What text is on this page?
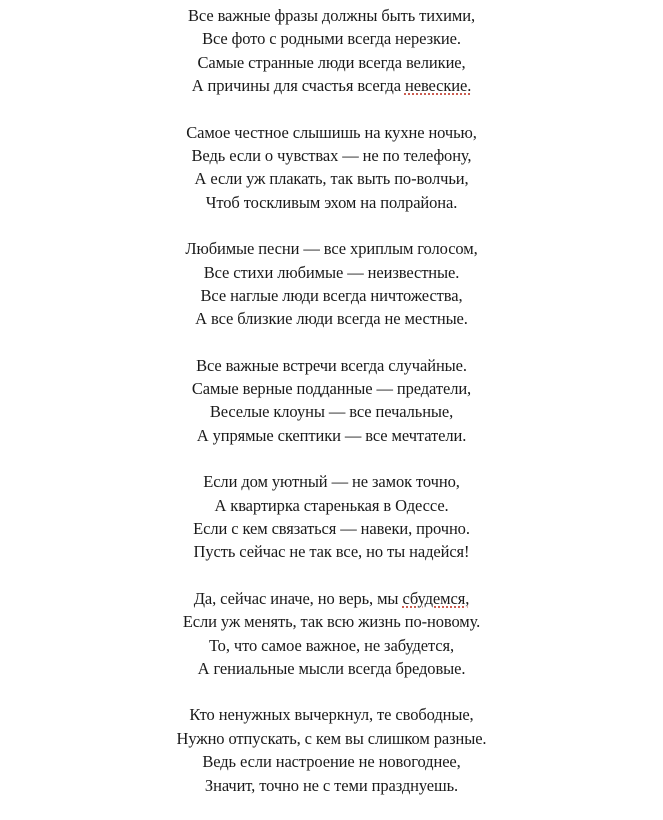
Все важные фразы должны быть тихими,
Все фото с родными всегда нерезкие.
Самые странные люди всегда великие,
А причины для счастья всегда невеские.
Самое честное слышишь на кухне ночью,
Ведь если о чувствах — не по телефону,
А если уж плакать, так выть по-волчьи,
Чтоб тоскливым эхом на полрайона.
Любимые песни — все хриплым голосом,
Все стихи любимые — неизвестные.
Все наглые люди всегда ничтожества,
А все близкие люди всегда не местные.
Все важные встречи всегда случайные.
Самые верные подданные — предатели,
Веселые клоуны — все печальные,
А упрямые скептики — все мечтатели.
Если дом уютный — не замок точно,
А квартирка старенькая в Одессе.
Если с кем связаться — навеки, прочно.
Пусть сейчас не так все, но ты надейся!
Да, сейчас иначе, но верь, мы сбудемся,
Если уж менять, так всю жизнь по-новому.
То, что самое важное, не забудется,
А гениальные мысли всегда бредовые.
Кто ненужных вычеркнул, те свободные,
Нужно отпускать, с кем вы слишком разные.
Ведь если настроение не новогоднее,
Значит, точно не с теми празднуешь.
